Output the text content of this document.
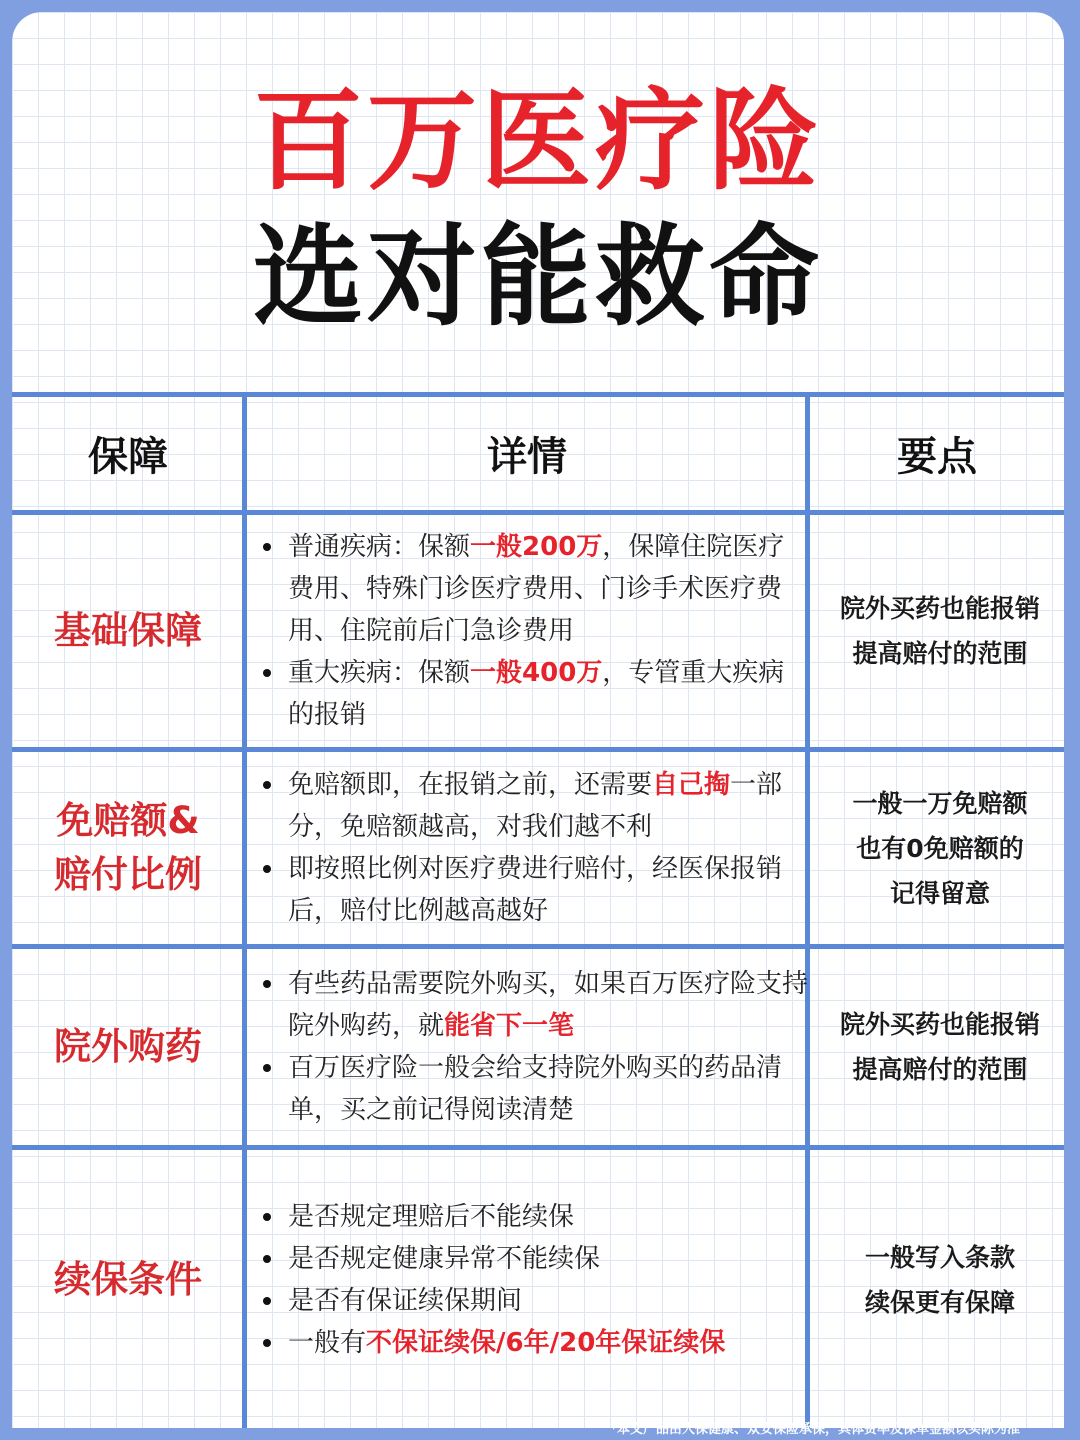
百万医疗险
选对能救命
保障	详情	要点
基础保障
普通疾病：保额一般200万，保障住院医疗费用、特殊门诊医疗费用、门诊手术医疗费用、住院前后门急诊费用
重大疾病：保额一般400万，专管重大疾病的报销
院外买药也能报销
提高赔付的范围
免赔额&
赔付比例
免赔额即，在报销之前，还需要自己掏一部分，免赔额越高，对我们越不利
即按照比例对医疗费进行赔付，经医保报销后，赔付比例越高越好
一般一万免赔额
也有0免赔额的
记得留意
院外购药
有些药品需要院外购买，如果百万医疗险支持院外购药，就能省下一笔
百万医疗险一般会给支持院外购买的药品清单，买之前记得阅读清楚
院外买药也能报销
提高赔付的范围
续保条件
是否规定理赔后不能续保
是否规定健康异常不能续保
是否有保证续保期间
一般有不保证续保/6年/20年保证续保
一般写入条款
续保更有保障
*本文产品由人保健康、众安保险承保，具体费率及保单金额以实际为准
